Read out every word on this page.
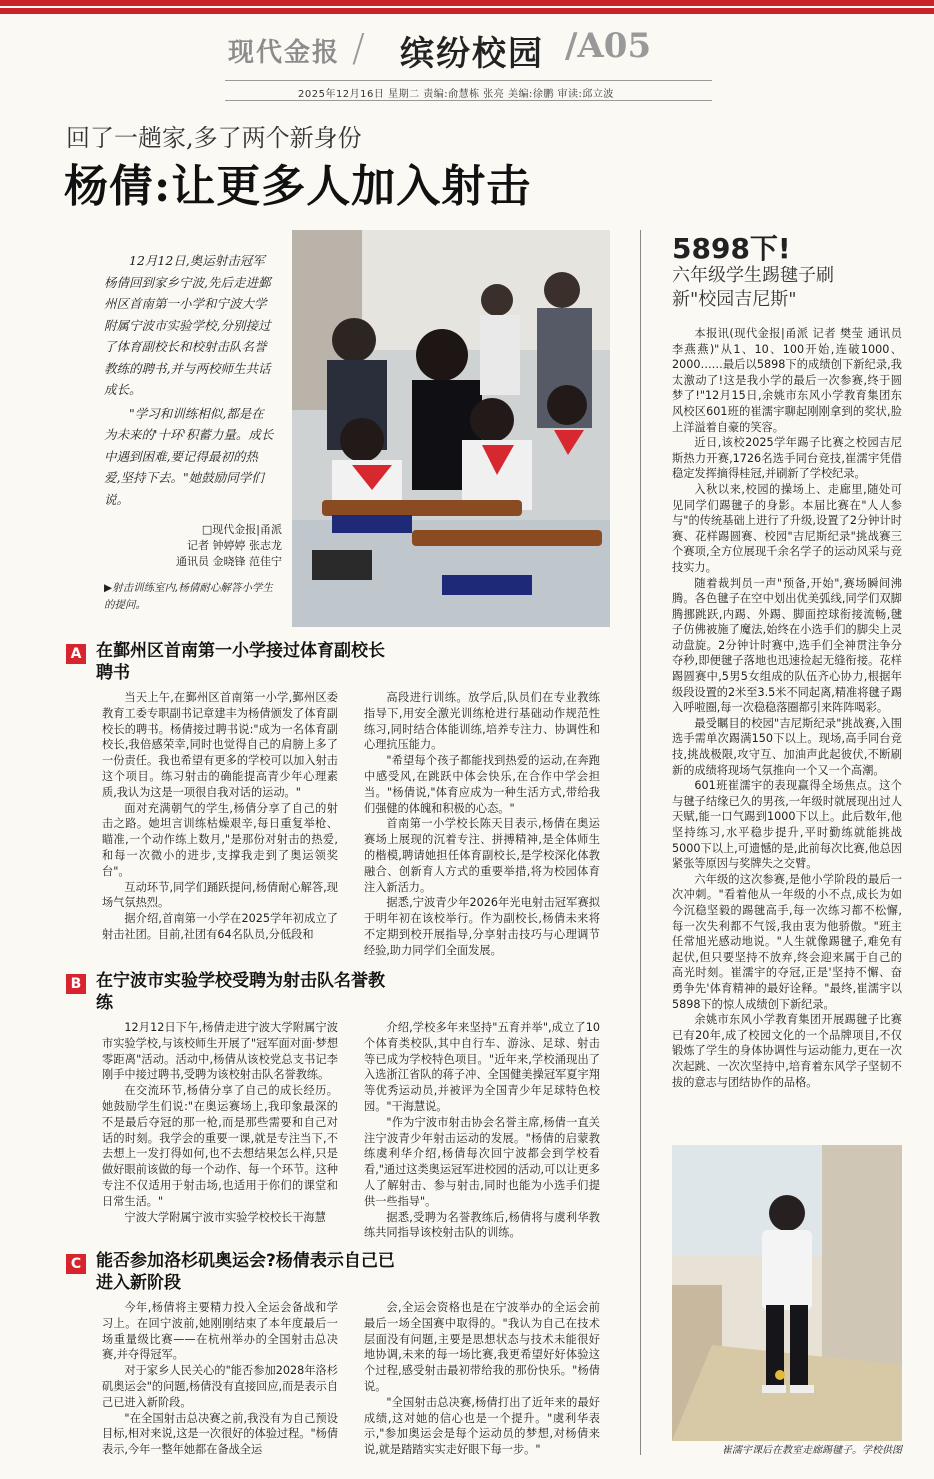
现代金报 / 缤纷校园 /A05
2025年12月16日 星期二 责编:俞慧栋 张亮 美编:徐鹏 审读:邱立波
回了一趟家,多了两个新身份
杨倩:让更多人加入射击

12月12日,奥运射击冠军杨倩回到家乡宁波,先后走进鄞州区首南第一小学和宁波大学附属宁波市实验学校,分别接过了体育副校长和校射击队名誉教练的聘书,并与两校师生共话成长。

"学习和训练相似,都是在为未来的'十环'积蓄力量。成长中遇到困难,要记得最初的热爱,坚持下去。"她鼓励同学们说。

□现代金报|甬派
记者 钟婷婷 张志龙
通讯员 金晓锋 范佳宁
▶射击训练室内,杨倩耐心解答小学生的提问。
5898下!
六年级学生踢毽子刷新"校园吉尼斯"

本报讯(现代金报|甬派 记者 樊莹 通讯员 李燕燕)"从1、10、100开始,连破1000、2000……最后以5898下的成绩创下新纪录,我太激动了!这是我小学的最后一次参赛,终于圆梦了!"12月15日,余姚市东风小学教育集团东风校区601班的崔濡宇聊起刚刚拿到的奖状,脸上洋溢着自豪的笑容。

近日,该校2025学年踢子比赛之校园吉尼斯热力开赛,1726名选手同台竞技,崔濡宇凭借稳定发挥摘得桂冠,并刷新了学校纪录。

入秋以来,校园的操场上、走廊里,随处可见同学们踢毽子的身影。本届比赛在"人人参与"的传统基础上进行了升级,设置了2分钟计时赛、花样踢圆赛、校园"吉尼斯纪录"挑战赛三个赛项,全方位展现千余名学子的运动风采与竞技实力。

随着裁判员一声"预备,开始",赛场瞬间沸腾。各色毽子在空中划出优美弧线,同学们双脚腾挪跳跃,内踢、外踢、脚面控球衔接流畅,毽子仿佛被施了魔法,始终在小选手们的脚尖上灵动盘旋。2分钟计时赛中,选手们全神贯注争分夺秒,即便毽子落地也迅速捡起无缝衔接。花样踢圆赛中,5男5女组成的队伍齐心协力,根据年级段设置的2米至3.5米不同起离,精准将毽子踢入呼啦圈,每一次稳稳落圈都引来阵阵喝彩。

最受瞩目的校园"吉尼斯纪录"挑战赛,入围选手需单次踢满150下以上。现场,高手同台竞技,挑战极限,攻守互、加油声此起彼伏,不断刷新的成绩将现场气氛推向一个又一个高潮。

601班崔濡宇的表现赢得全场焦点。这个与毽子结缘已久的男孩,一年级时就展现出过人天赋,能一口气踢到1000下以上。此后数年,他坚持练习,水平稳步提升,平时勤练就能挑战5000下以上,可遗憾的是,此前每次比赛,他总因紧张等原因与奖牌失之交臂。

六年级的这次参赛,是他小学阶段的最后一次冲刺。"看着他从一年级的小不点,成长为如今沉稳坚毅的踢毽高手,每一次练习都不松懈,每一次失利都不气馁,我由衷为他骄傲。"班主任常旭光感动地说。"人生就像踢毽子,难免有起伏,但只要坚持不放弃,终会迎来属于自己的高光时刻。崔濡宇的夺冠,正是'坚持不懈、奋勇争先'体育精神的最好诠释。"最终,崔濡宇以5898下的惊人成绩创下新纪录。

余姚市东风小学教育集团开展踢毽子比赛已有20年,成了校园文化的一个品牌项目,不仅锻炼了学生的身体协调性与运动能力,更在一次次起跳、一次次坚持中,培育着东风学子坚韧不拔的意志与团结协作的品格。

崔濡宇课后在教室走廊踢毽子。学校供图
A 在鄞州区首南第一小学接过体育副校长聘书

当天上午,在鄞州区首南第一小学,鄞州区委教育工委专职副书记章建丰为杨倩颁发了体育副校长的聘书。杨倩接过聘书说:"成为一名体育副校长,我倍感荣幸,同时也觉得自己的肩膀上多了一份责任。我也希望有更多的学校可以加入射击这个项目。练习射击的确能提高青少年心理素质,我认为这是一项很自我对话的运动。"

面对充满朝气的学生,杨倩分享了自己的射击之路。她坦言训练枯燥艰辛,每日重复举枪、瞄准,一个动作练上数月,"是那份对射击的热爱,和每一次微小的进步,支撑我走到了奥运领奖台"。

互动环节,同学们踊跃提问,杨倩耐心解答,现场气氛热烈。

据介绍,首南第一小学在2025学年初成立了射击社团。目前,社团有64名队员,分低段和

高段进行训练。放学后,队员们在专业教练指导下,用安全激光训练枪进行基础动作规范性练习,同时结合体能训练,培养专注力、协调性和心理抗压能力。

"希望每个孩子都能找到热爱的运动,在奔跑中感受风,在跳跃中体会快乐,在合作中学会担当。"杨倩说,"体育应成为一种生活方式,带给我们强健的体魄和积极的心态。"

首南第一小学校长陈天目表示,杨倩在奥运赛场上展现的沉着专注、拼搏精神,是全体师生的楷模,聘请她担任体育副校长,是学校深化体教融合、创新育人方式的重要举措,将为校园体育注入新活力。

据悉,宁波青少年2026年光电射击冠军赛拟于明年初在该校举行。作为副校长,杨倩未来将不定期到校开展指导,分享射击技巧与心理调节经验,助力同学们全面发展。

B 在宁波市实验学校受聘为射击队名誉教练

12月12日下午,杨倩走进宁波大学附属宁波市实验学校,与该校师生开展了"冠军面对面·梦想零距离"活动。活动中,杨倩从该校党总支书记李刚手中接过聘书,受聘为该校射击队名誉教练。

在交流环节,杨倩分享了自己的成长经历。她鼓励学生们说:"在奥运赛场上,我印象最深的不是最后夺冠的那一枪,而是那些需要和自己对话的时刻。我学会的重要一课,就是专注当下,不去想上一发打得如何,也不去想结果怎么样,只是做好眼前该做的每一个动作、每一个环节。这种专注不仅适用于射击场,也适用于你们的课堂和日常生活。"

宁波大学附属宁波市实验学校校长干海慧

介绍,学校多年来坚持"五育并举",成立了10个体育类校队,其中自行车、游泳、足球、射击等已成为学校特色项目。"近年来,学校涌现出了入选浙江省队的蒋子冲、全国健美操冠军夏宇翔等优秀运动员,并被评为全国青少年足球特色校园。"干海慧说。

"作为宁波市射击协会名誉主席,杨倩一直关注宁波青少年射击运动的发展。"杨倩的启蒙教练虞利华介绍,杨倩每次回宁波都会到学校看看,"通过这类奥运冠军进校园的活动,可以让更多人了解射击、参与射击,同时也能为小选手们提供一些指导"。

据悉,受聘为名誉教练后,杨倩将与虞利华教练共同指导该校射击队的训练。

C 能否参加洛杉矶奥运会?杨倩表示自己已进入新阶段

今年,杨倩将主要精力投入全运会备战和学习上。在回宁波前,她刚刚结束了本年度最后一场重量级比赛——在杭州举办的全国射击总决赛,并夺得冠军。

对于家乡人民关心的"能否参加2028年洛杉矶奥运会"的问题,杨倩没有直接回应,而是表示自己已进入新阶段。

"在全国射击总决赛之前,我没有为自己预设目标,相对来说,这是一次很好的体验过程。"杨倩表示,今年一整年她都在备战全运

会,全运会资格也是在宁波举办的全运会前最后一场全国赛中取得的。"我认为自己在技术层面没有问题,主要是思想状态与技术未能很好地协调,未来的每一场比赛,我更希望好好体验这个过程,感受射击最初带给我的那份快乐。"杨倩说。

"全国射击总决赛,杨倩打出了近年来的最好成绩,这对她的信心也是一个提升。"虞利华表示,"参加奥运会是每个运动员的梦想,对杨倩来说,就是踏踏实实走好眼下每一步。"
